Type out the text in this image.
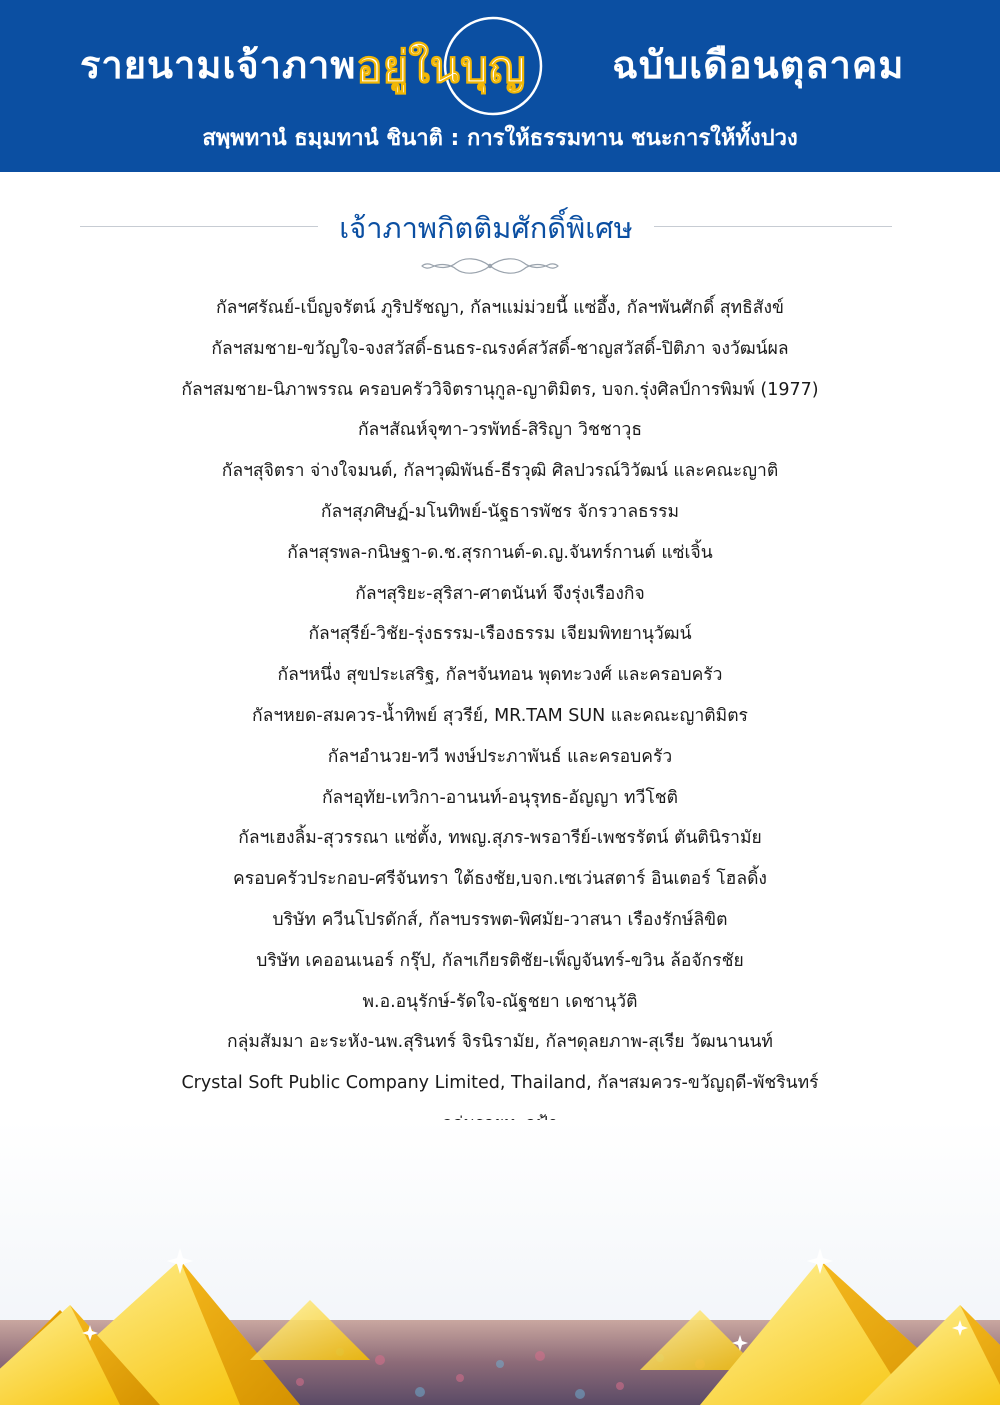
รายนามเจ้าภาพ อยู่ใน บุญ ฉบับเดือนตุลาคม
สพฺพทานํ ธมฺมทานํ ชินาติ : การให้ธรรมทาน ชนะการให้ทั้งปวง
เจ้าภาพกิตติมศักดิ์พิเศษ
กัลฯศรัณย์-เบ็ญจรัตน์ ภูริปรัชญา, กัลฯแม่ม่วยนี้ แซ่อึ้ง, กัลฯพันศักดิ์ สุทธิสังข์
กัลฯสมชาย-ขวัญใจ-จงสวัสดิ์-ธนธร-ณรงค์สวัสดิ์-ชาญสวัสดิ์-ปิติภา จงวัฒน์ผล
กัลฯสมชาย-นิภาพรรณ ครอบครัววิจิตรานุกูล-ญาติมิตร, บจก.รุ่งศิลป์การพิมพ์ (1977)
กัลฯสัณห์จุฑา-วรพัทธ์-สิริญา วิชชาวุธ
กัลฯสุจิตรา จ่างใจมนต์, กัลฯวุฒิพันธ์-ธีรวุฒิ ศิลปวรณ์วิวัฒน์ และคณะญาติ
กัลฯสุภศิษฏ์-มโนทิพย์-นัฐธารพัชร จักรวาลธรรม
กัลฯสุรพล-กนิษฐา-ด.ช.สุรกานต์-ด.ญ.จันทร์กานต์ แซ่เจิ้น
กัลฯสุริยะ-สุริสา-ศาตนันท์ จึงรุ่งเรืองกิจ
กัลฯสุรีย์-วิชัย-รุ่งธรรม-เรืองธรรม เจียมพิทยานุวัฒน์
กัลฯหนึ่ง สุขประเสริฐ, กัลฯจันทอน พุดทะวงศ์ และครอบครัว
กัลฯหยด-สมควร-น้ำทิพย์ สุวรีย์, MR.TAM SUN และคณะญาติมิตร
กัลฯอำนวย-ทวี พงษ์ประภาพันธ์ และครอบครัว
กัลฯอุทัย-เทวิกา-อานนท์-อนุรุทธ-อัญญา ทวีโชติ
กัลฯเฮงลิ้ม-สุวรรณา แซ่ตั้ง, ทพญ.สุภร-พรอารีย์-เพชรรัตน์ ตันตินิรามัย
ครอบครัวประกอบ-ศรีจันทรา ใต้ธงชัย,บจก.เซเว่นสตาร์ อินเตอร์ โฮลดิ้ง
บริษัท ควีนโปรดักส์, กัลฯบรรพต-พิศมัย-วาสนา เรืองรักษ์ลิขิต
บริษัท เคออนเนอร์ กรุ๊ป, กัลฯเกียรติชัย-เพ็ญจันทร์-ขวิน ล้อจักรชัย
พ.อ.อนุรักษ์-รัดใจ-ณัฐชยา เดชานุวัติ
กลุ่มสัมมา อะระหัง-นพ.สุรินทร์ จิรนิรามัย, กัลฯดุลยภาพ-สุเรีย วัฒนานนท์
Crystal Soft Public Company Limited, Thailand, กัลฯสมควร-ขวัญฤดี-พัชรินทร์
